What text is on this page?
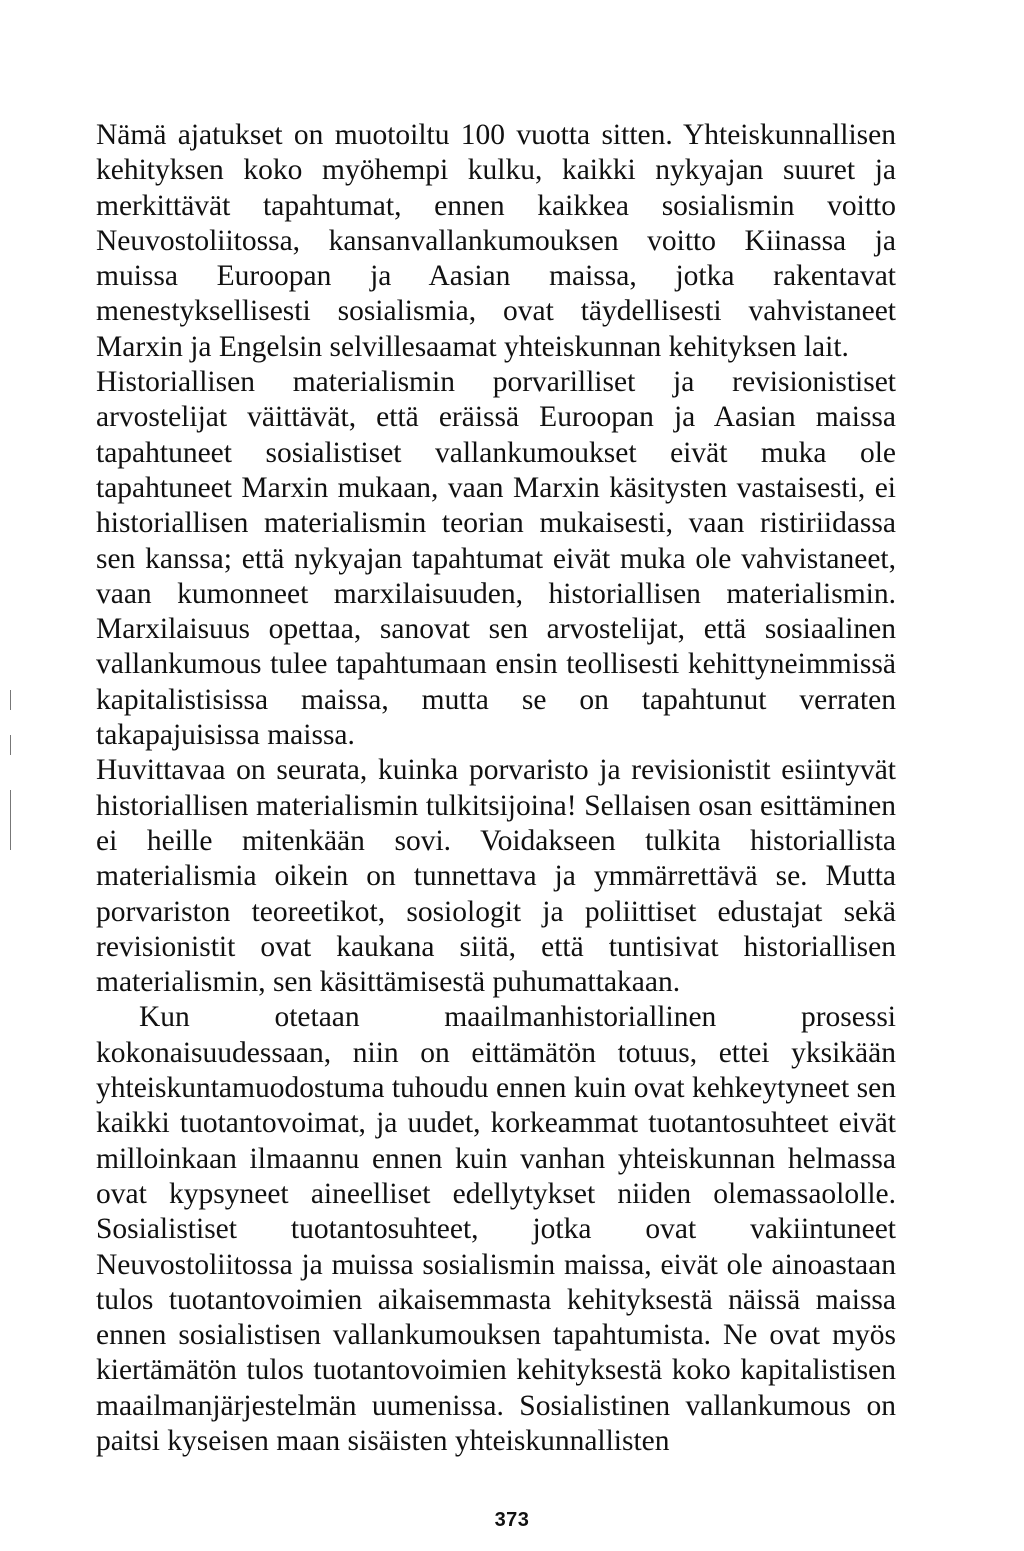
Nämä ajatukset on muotoiltu 100 vuotta sitten. Yhteiskunnallisen kehityksen koko myöhempi kulku, kaikki nykyajan suuret ja merkittävät tapahtumat, ennen kaikkea sosialismin voitto Neuvostoliitossa, kansanvallankumouksen voitto Kiinassa ja muissa Euroopan ja Aasian maissa, jotka rakentavat menestyksellisesti sosialismia, ovat täydellisesti vahvistaneet Marxin ja Engelsin selvillesaamat yhteiskunnan kehityksen lait.

Historiallisen materialismin porvarilliset ja revisionistiset arvostelijat väittävät, että eräissä Euroopan ja Aasian maissa tapahtuneet sosialistiset vallankumoukset eivät muka ole tapahtuneet Marxin mukaan, vaan Marxin käsitysten vastaisesti, ei historiallisen materialismin teorian mukaisesti, vaan ristiriidassa sen kanssa; että nykyajan tapahtumat eivät muka ole vahvistaneet, vaan kumonneet marxilaisuuden, historiallisen materialismin. Marxilaisuus opettaa, sanovat sen arvostelijat, että sosiaalinen vallankumous tulee tapahtumaan ensin teollisesti kehittyneimmissä kapitalistisissa maissa, mutta se on tapahtunut verraten takapajuisissa maissa.

Huvittavaa on seurata, kuinka porvaristo ja revisionistit esiintyvät historiallisen materialismin tulkitsijoina! Sellaisen osan esittäminen ei heille mitenkään sovi. Voidakseen tulkita historiallista materialismia oikein on tunnettava ja ymmärrettävä se. Mutta porvariston teoreetikot, sosiologit ja poliittiset edustajat sekä revisionistit ovat kaukana siitä, että tuntisivat historiallisen materialismin, sen käsittämisestä puhumattakaan.

Kun otetaan maailmanhistoriallinen prosessi kokonaisuudessaan, niin on eittämätön totuus, ettei yksikään yhteiskuntamuodostuma tuhoudu ennen kuin ovat kehkeytyneet sen kaikki tuotantovoimat, ja uudet, korkeammat tuotantosuhteet eivät milloinkaan ilmaannu ennen kuin vanhan yhteiskunnan helmassa ovat kypsyneet aineelliset edellytykset niiden olemassaololle. Sosialistiset tuotantosuhteet, jotka ovat vakiintuneet Neuvostoliitossa ja muissa sosialismin maissa, eivät ole ainoastaan tulos tuotantovoimien aikaisemmasta kehityksestä näissä maissa ennen sosialistisen vallankumouksen tapahtumista. Ne ovat myös kiertämätön tulos tuotantovoimien kehityksestä koko kapitalistisen maailmanjärjestelmän uumenissa. Sosialistinen vallankumous on paitsi kyseisen maan sisäisten yhteiskunnallisten

373
